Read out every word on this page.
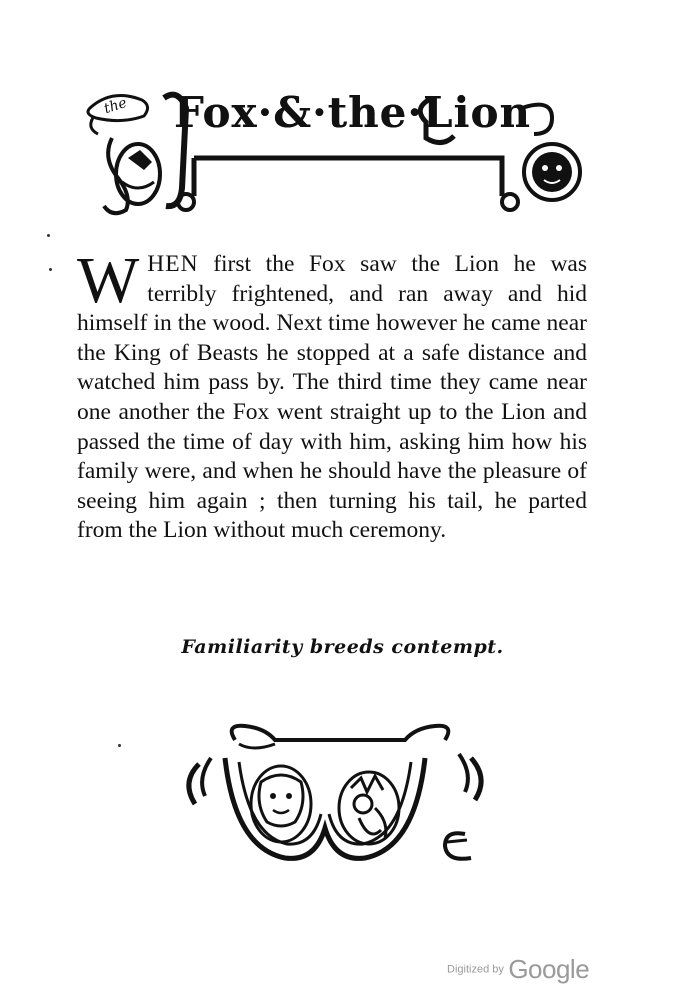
the Fox·&·the·Lion
WHEN first the Fox saw the Lion he was terribly frightened, and ran away and hid himself in the wood. Next time however he came near the King of Beasts he stopped at a safe distance and watched him pass by. The third time they came near one another the Fox went straight up to the Lion and passed the time of day with him, asking him how his family were, and when he should have the pleasure of seeing him again ; then turning his tail, he parted from the Lion without much ceremony.
Familiarity breeds contempt.
Digitized by Google
